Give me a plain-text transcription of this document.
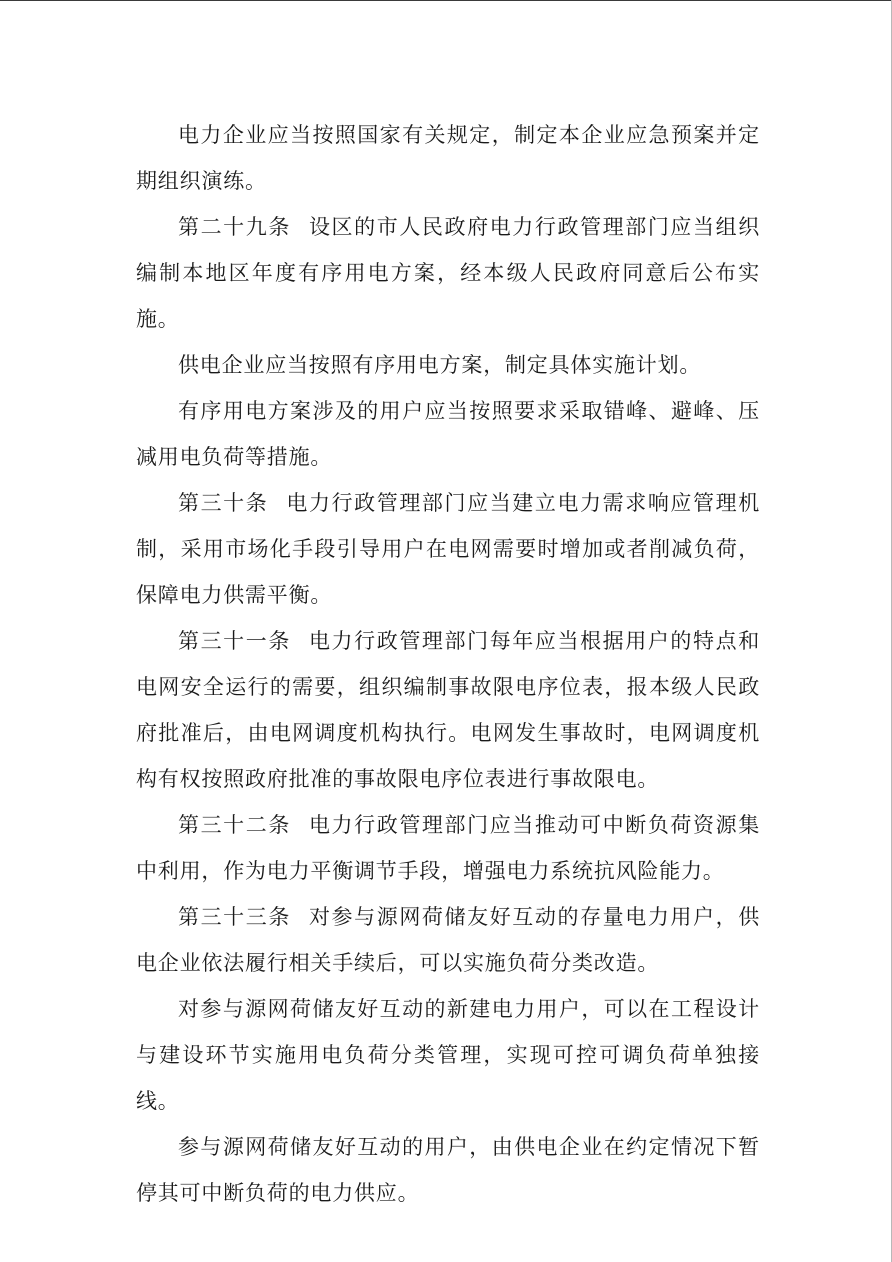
电力企业应当按照国家有关规定，制定本企业应急预案并定期组织演练。

第二十九条 设区的市人民政府电力行政管理部门应当组织编制本地区年度有序用电方案，经本级人民政府同意后公布实施。

供电企业应当按照有序用电方案，制定具体实施计划。

有序用电方案涉及的用户应当按照要求采取错峰、避峰、压减用电负荷等措施。

第三十条 电力行政管理部门应当建立电力需求响应管理机制，采用市场化手段引导用户在电网需要时增加或者削减负荷，保障电力供需平衡。

第三十一条 电力行政管理部门每年应当根据用户的特点和电网安全运行的需要，组织编制事故限电序位表，报本级人民政府批准后，由电网调度机构执行。电网发生事故时，电网调度机构有权按照政府批准的事故限电序位表进行事故限电。

第三十二条 电力行政管理部门应当推动可中断负荷资源集中利用，作为电力平衡调节手段，增强电力系统抗风险能力。

第三十三条 对参与源网荷储友好互动的存量电力用户，供电企业依法履行相关手续后，可以实施负荷分类改造。

对参与源网荷储友好互动的新建电力用户，可以在工程设计与建设环节实施用电负荷分类管理，实现可控可调负荷单独接线。

参与源网荷储友好互动的用户，由供电企业在约定情况下暂停其可中断负荷的电力供应。
